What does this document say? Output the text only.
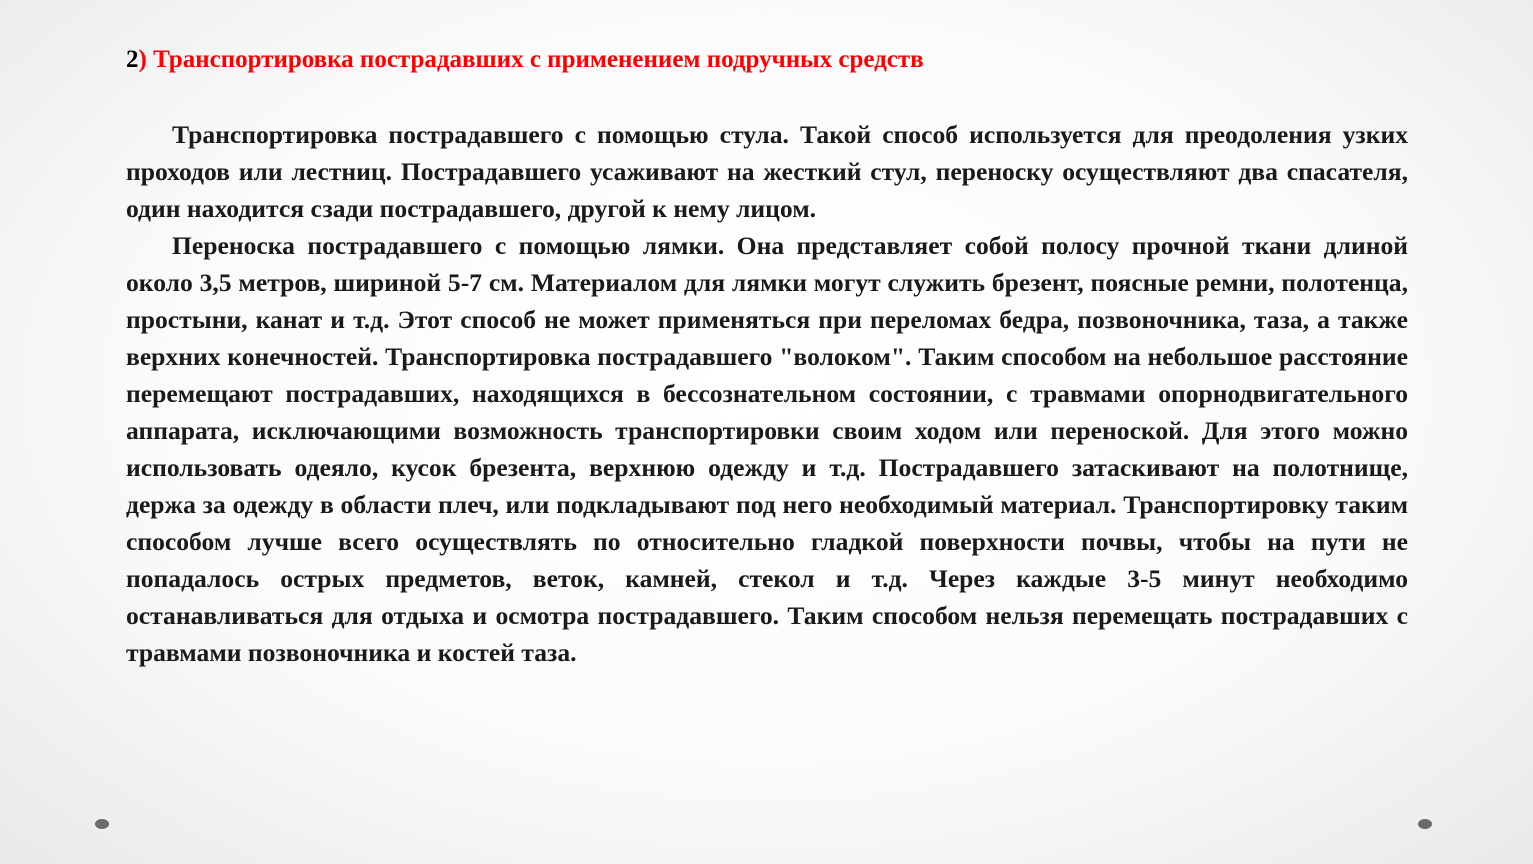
2) Транспортировка пострадавших с применением подручных средств

Транспортировка пострадавшего с помощью стула. Такой способ используется для преодоления узких проходов или лестниц. Пострадавшего усаживают на жесткий стул, переноску осуществляют два спасателя, один находится сзади пострадавшего, другой к нему лицом.

Переноска пострадавшего с помощью лямки. Она представляет собой полосу прочной ткани длиной около 3,5 метров, шириной 5-7 см. Материалом для лямки могут служить брезент, поясные ремни, полотенца, простыни, канат и т.д. Этот способ не может применяться при переломах бедра, позвоночника, таза, а также верхних конечностей. Транспортировка пострадавшего "волоком". Таким способом на небольшое расстояние перемещают пострадавших, находящихся в бессознательном состоянии, с травмами опорнодвигательного аппарата, исключающими возможность транспортировки своим ходом или переноской. Для этого можно использовать одеяло, кусок брезента, верхнюю одежду и т.д. Пострадавшего затаскивают на полотнище, держа за одежду в области плеч, или подкладывают под него необходимый материал. Транспортировку таким способом лучше всего осуществлять по относительно гладкой поверхности почвы, чтобы на пути не попадалось острых предметов, веток, камней, стекол и т.д. Через каждые 3-5 минут необходимо останавливаться для отдыха и осмотра пострадавшего. Таким способом нельзя перемещать пострадавших с травмами позвоночника и костей таза.
